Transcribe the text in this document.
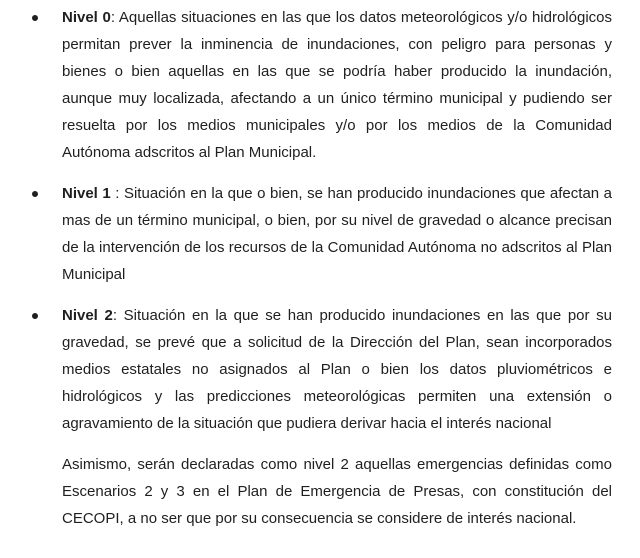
Nivel 0: Aquellas situaciones en las que los datos meteorológicos y/o hidrológicos permitan prever la inminencia de inundaciones, con peligro para personas y bienes o bien aquellas en las que se podría haber producido la inundación, aunque muy localizada, afectando a un único término municipal y pudiendo ser resuelta por los medios municipales y/o por los medios de la Comunidad Autónoma adscritos al Plan Municipal.

Nivel 1 : Situación en la que o bien, se han producido inundaciones que afectan a mas de un término municipal, o bien, por su nivel de gravedad o alcance precisan de la intervención de los recursos de la Comunidad Autónoma no adscritos al Plan Municipal

Nivel 2: Situación en la que se han producido inundaciones en las que por su gravedad, se prevé que a solicitud de la Dirección del Plan, sean incorporados medios estatales no asignados al Plan o bien los datos pluviométricos e hidrológicos y las predicciones meteorológicas permiten una extensión o agravamiento de la situación que pudiera derivar hacia el interés nacional

Asimismo, serán declaradas como nivel 2 aquellas emergencias definidas como Escenarios 2 y 3 en el Plan de Emergencia de Presas, con constitución del CECOPI, a no ser que por su consecuencia se considere de interés nacional.
